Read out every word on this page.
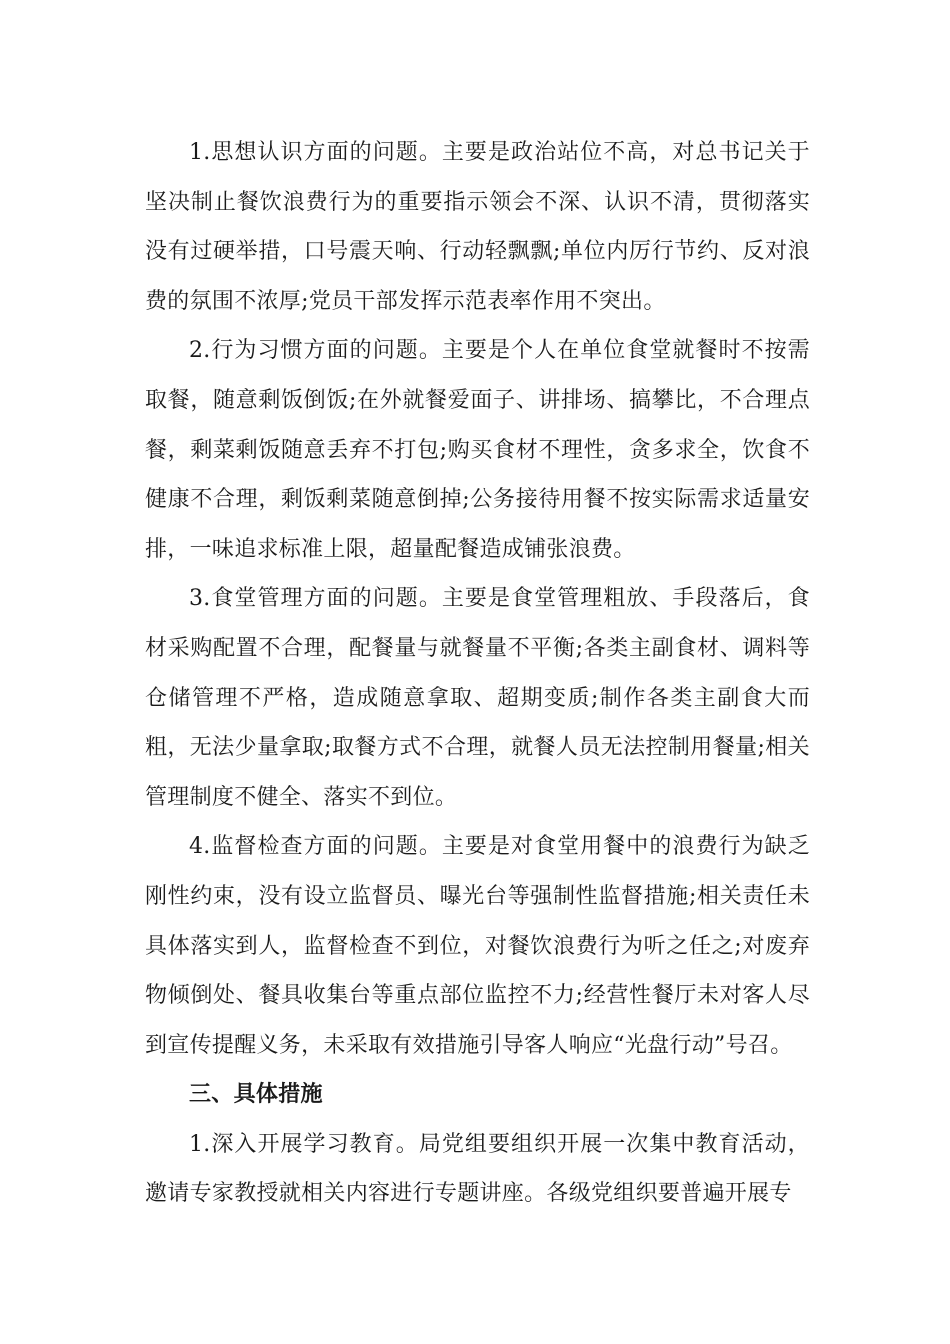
1.思想认识方面的问题。主要是政治站位不高，对总书记关于坚决制止餐饮浪费行为的重要指示领会不深、认识不清，贯彻落实没有过硬举措，口号震天响、行动轻飘飘;单位内厉行节约、反对浪费的氛围不浓厚;党员干部发挥示范表率作用不突出。

2.行为习惯方面的问题。主要是个人在单位食堂就餐时不按需取餐，随意剩饭倒饭;在外就餐爱面子、讲排场、搞攀比，不合理点餐，剩菜剩饭随意丢弃不打包;购买食材不理性，贪多求全，饮食不健康不合理，剩饭剩菜随意倒掉;公务接待用餐不按实际需求适量安排，一味追求标准上限，超量配餐造成铺张浪费。

3.食堂管理方面的问题。主要是食堂管理粗放、手段落后，食材采购配置不合理，配餐量与就餐量不平衡;各类主副食材、调料等仓储管理不严格，造成随意拿取、超期变质;制作各类主副食大而粗，无法少量拿取;取餐方式不合理，就餐人员无法控制用餐量;相关管理制度不健全、落实不到位。

4.监督检查方面的问题。主要是对食堂用餐中的浪费行为缺乏刚性约束，没有设立监督员、曝光台等强制性监督措施;相关责任未具体落实到人，监督检查不到位，对餐饮浪费行为听之任之;对废弃物倾倒处、餐具收集台等重点部位监控不力;经营性餐厅未对客人尽到宣传提醒义务，未采取有效措施引导客人响应“光盘行动”号召。

三、具体措施

1.深入开展学习教育。局党组要组织开展一次集中教育活动，邀请专家教授就相关内容进行专题讲座。各级党组织要普遍开展专
